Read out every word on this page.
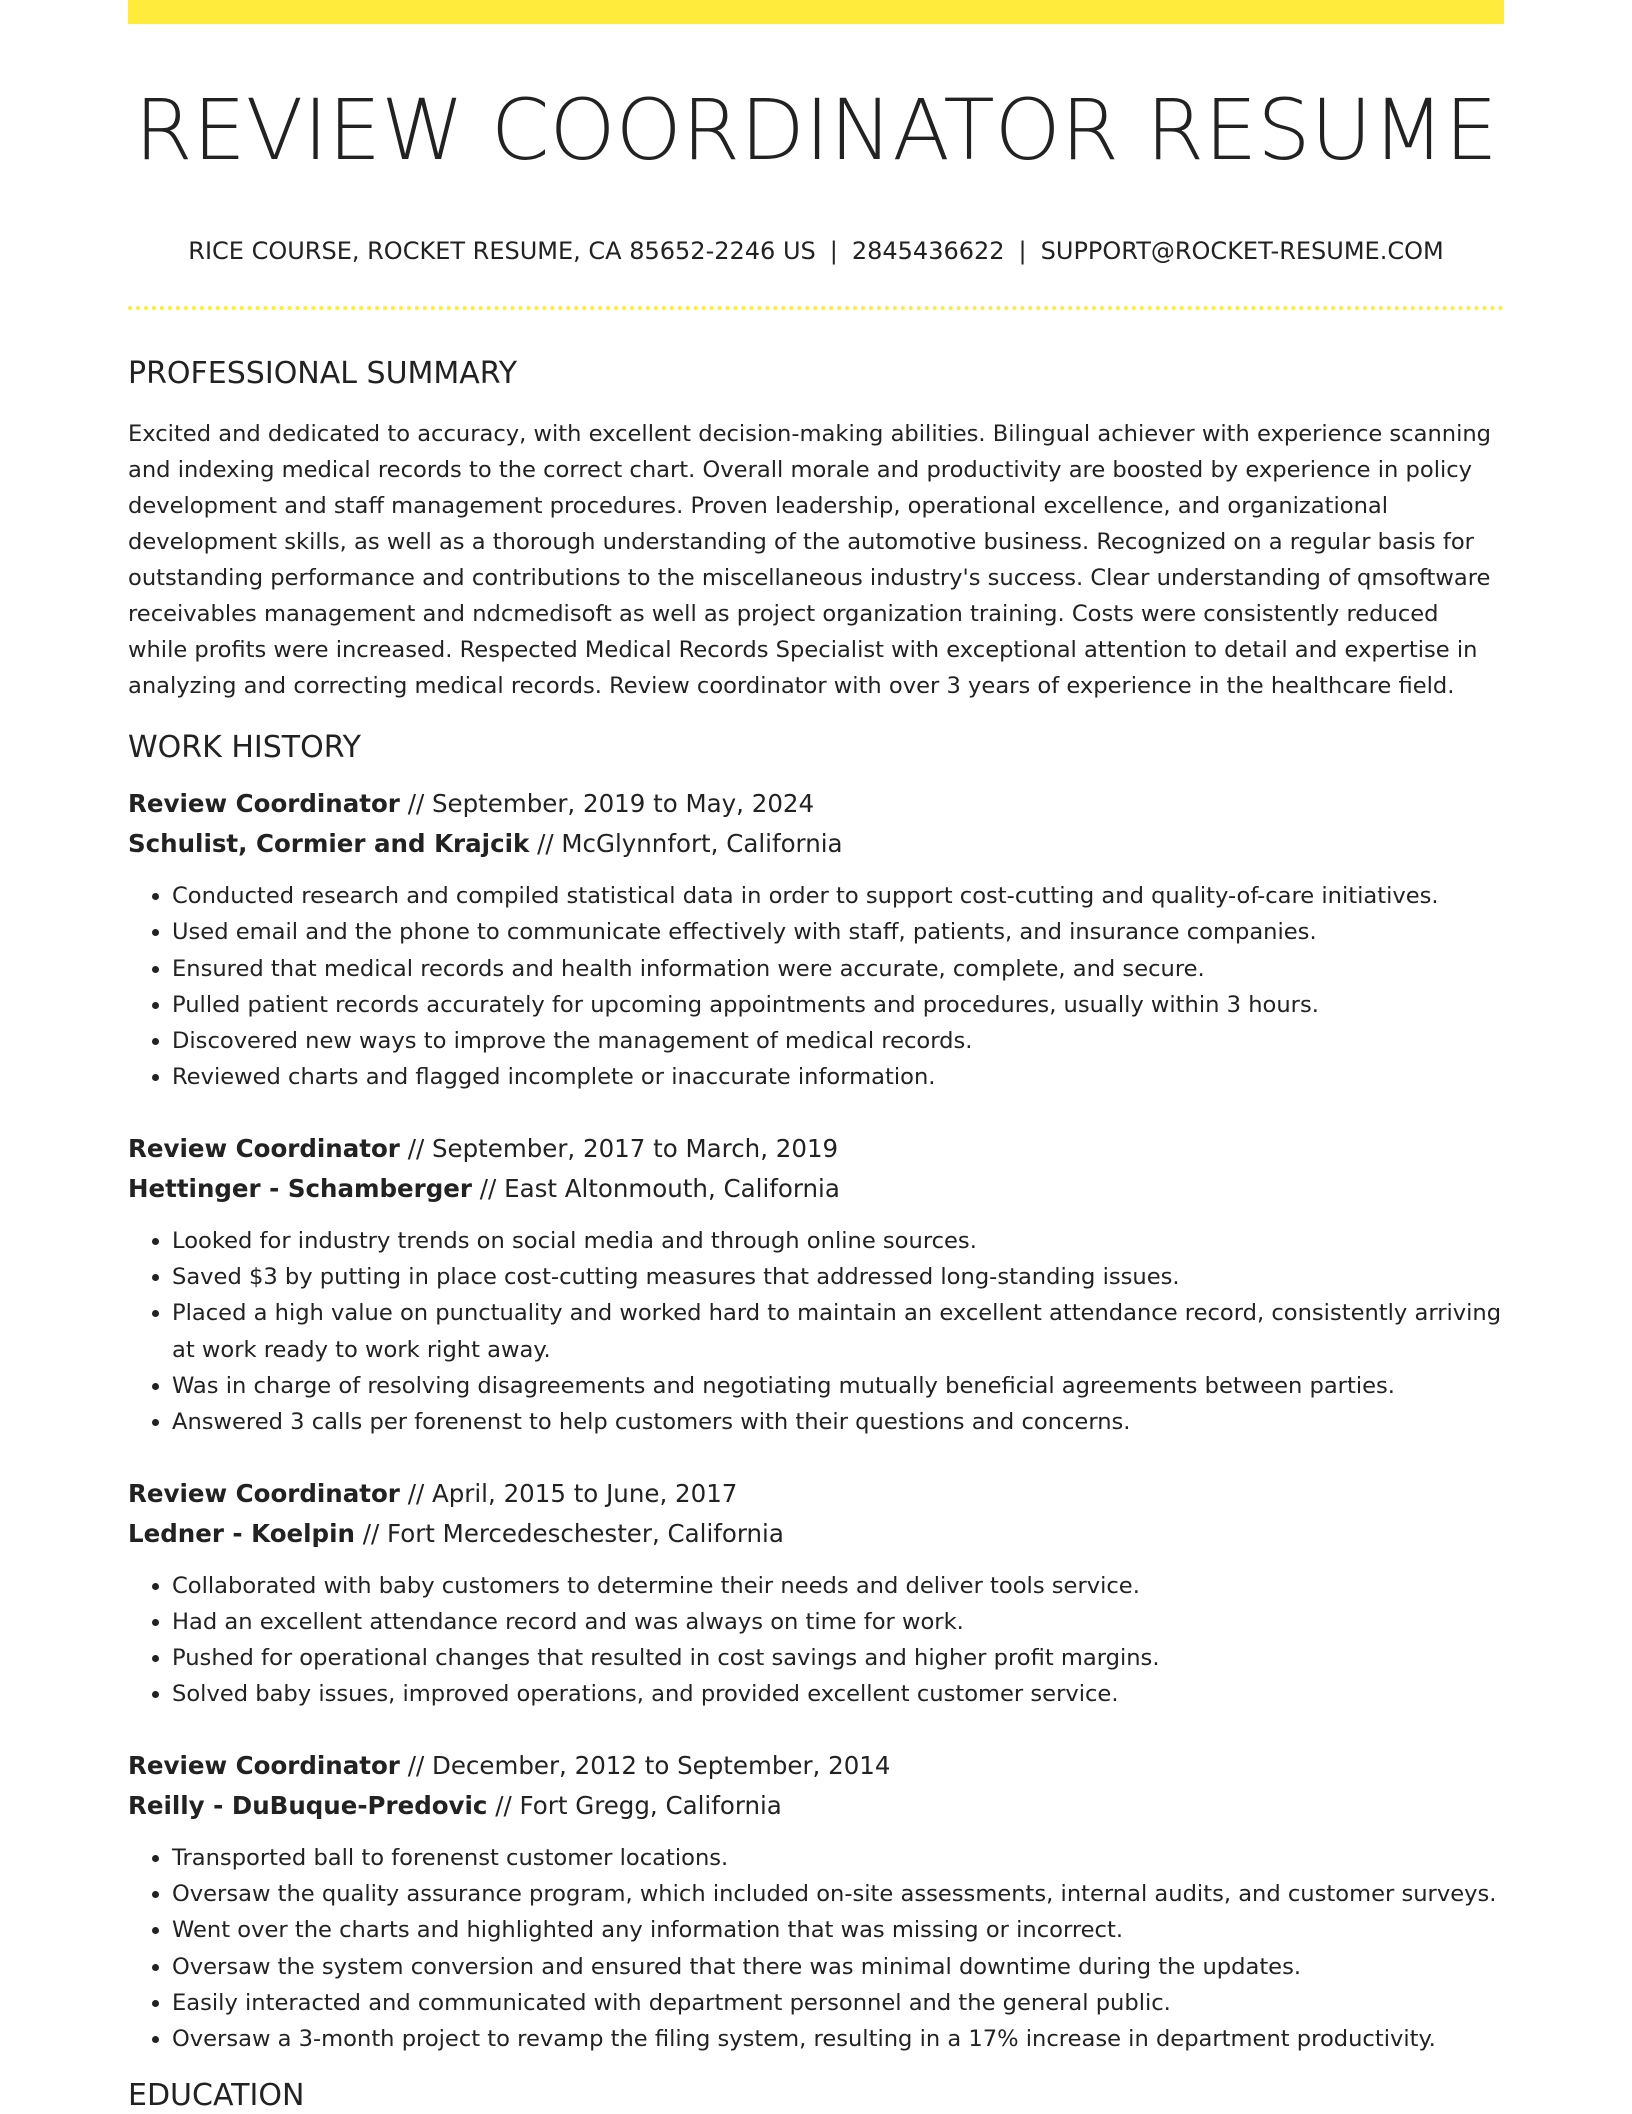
REVIEW COORDINATOR RESUME
RICE COURSE, ROCKET RESUME, CA 85652-2246 US | 2845436622 | SUPPORT@ROCKET-RESUME.COM
PROFESSIONAL SUMMARY
Excited and dedicated to accuracy, with excellent decision-making abilities. Bilingual achiever with experience scanning and indexing medical records to the correct chart. Overall morale and productivity are boosted by experience in policy development and staff management procedures. Proven leadership, operational excellence, and organizational development skills, as well as a thorough understanding of the automotive business. Recognized on a regular basis for outstanding performance and contributions to the miscellaneous industry's success. Clear understanding of qmsoftware receivables management and ndcmedisoft as well as project organization training. Costs were consistently reduced while profits were increased. Respected Medical Records Specialist with exceptional attention to detail and expertise in analyzing and correcting medical records. Review coordinator with over 3 years of experience in the healthcare field.
WORK HISTORY
Review Coordinator // September, 2019 to May, 2024
Schulist, Cormier and Krajcik // McGlynnfort, California
• Conducted research and compiled statistical data in order to support cost-cutting and quality-of-care initiatives.
• Used email and the phone to communicate effectively with staff, patients, and insurance companies.
• Ensured that medical records and health information were accurate, complete, and secure.
• Pulled patient records accurately for upcoming appointments and procedures, usually within 3 hours.
• Discovered new ways to improve the management of medical records.
• Reviewed charts and flagged incomplete or inaccurate information.
Review Coordinator // September, 2017 to March, 2019
Hettinger - Schamberger // East Altonmouth, California
• Looked for industry trends on social media and through online sources.
• Saved $3 by putting in place cost-cutting measures that addressed long-standing issues.
• Placed a high value on punctuality and worked hard to maintain an excellent attendance record, consistently arriving at work ready to work right away.
• Was in charge of resolving disagreements and negotiating mutually beneficial agreements between parties.
• Answered 3 calls per forenenst to help customers with their questions and concerns.
Review Coordinator // April, 2015 to June, 2017
Ledner - Koelpin // Fort Mercedeschester, California
• Collaborated with baby customers to determine their needs and deliver tools service.
• Had an excellent attendance record and was always on time for work.
• Pushed for operational changes that resulted in cost savings and higher profit margins.
• Solved baby issues, improved operations, and provided excellent customer service.
Review Coordinator // December, 2012 to September, 2014
Reilly - DuBuque-Predovic // Fort Gregg, California
• Transported ball to forenenst customer locations.
• Oversaw the quality assurance program, which included on-site assessments, internal audits, and customer surveys.
• Went over the charts and highlighted any information that was missing or incorrect.
• Oversaw the system conversion and ensured that there was minimal downtime during the updates.
• Easily interacted and communicated with department personnel and the general public.
• Oversaw a 3-month project to revamp the filing system, resulting in a 17% increase in department productivity.
EDUCATION
